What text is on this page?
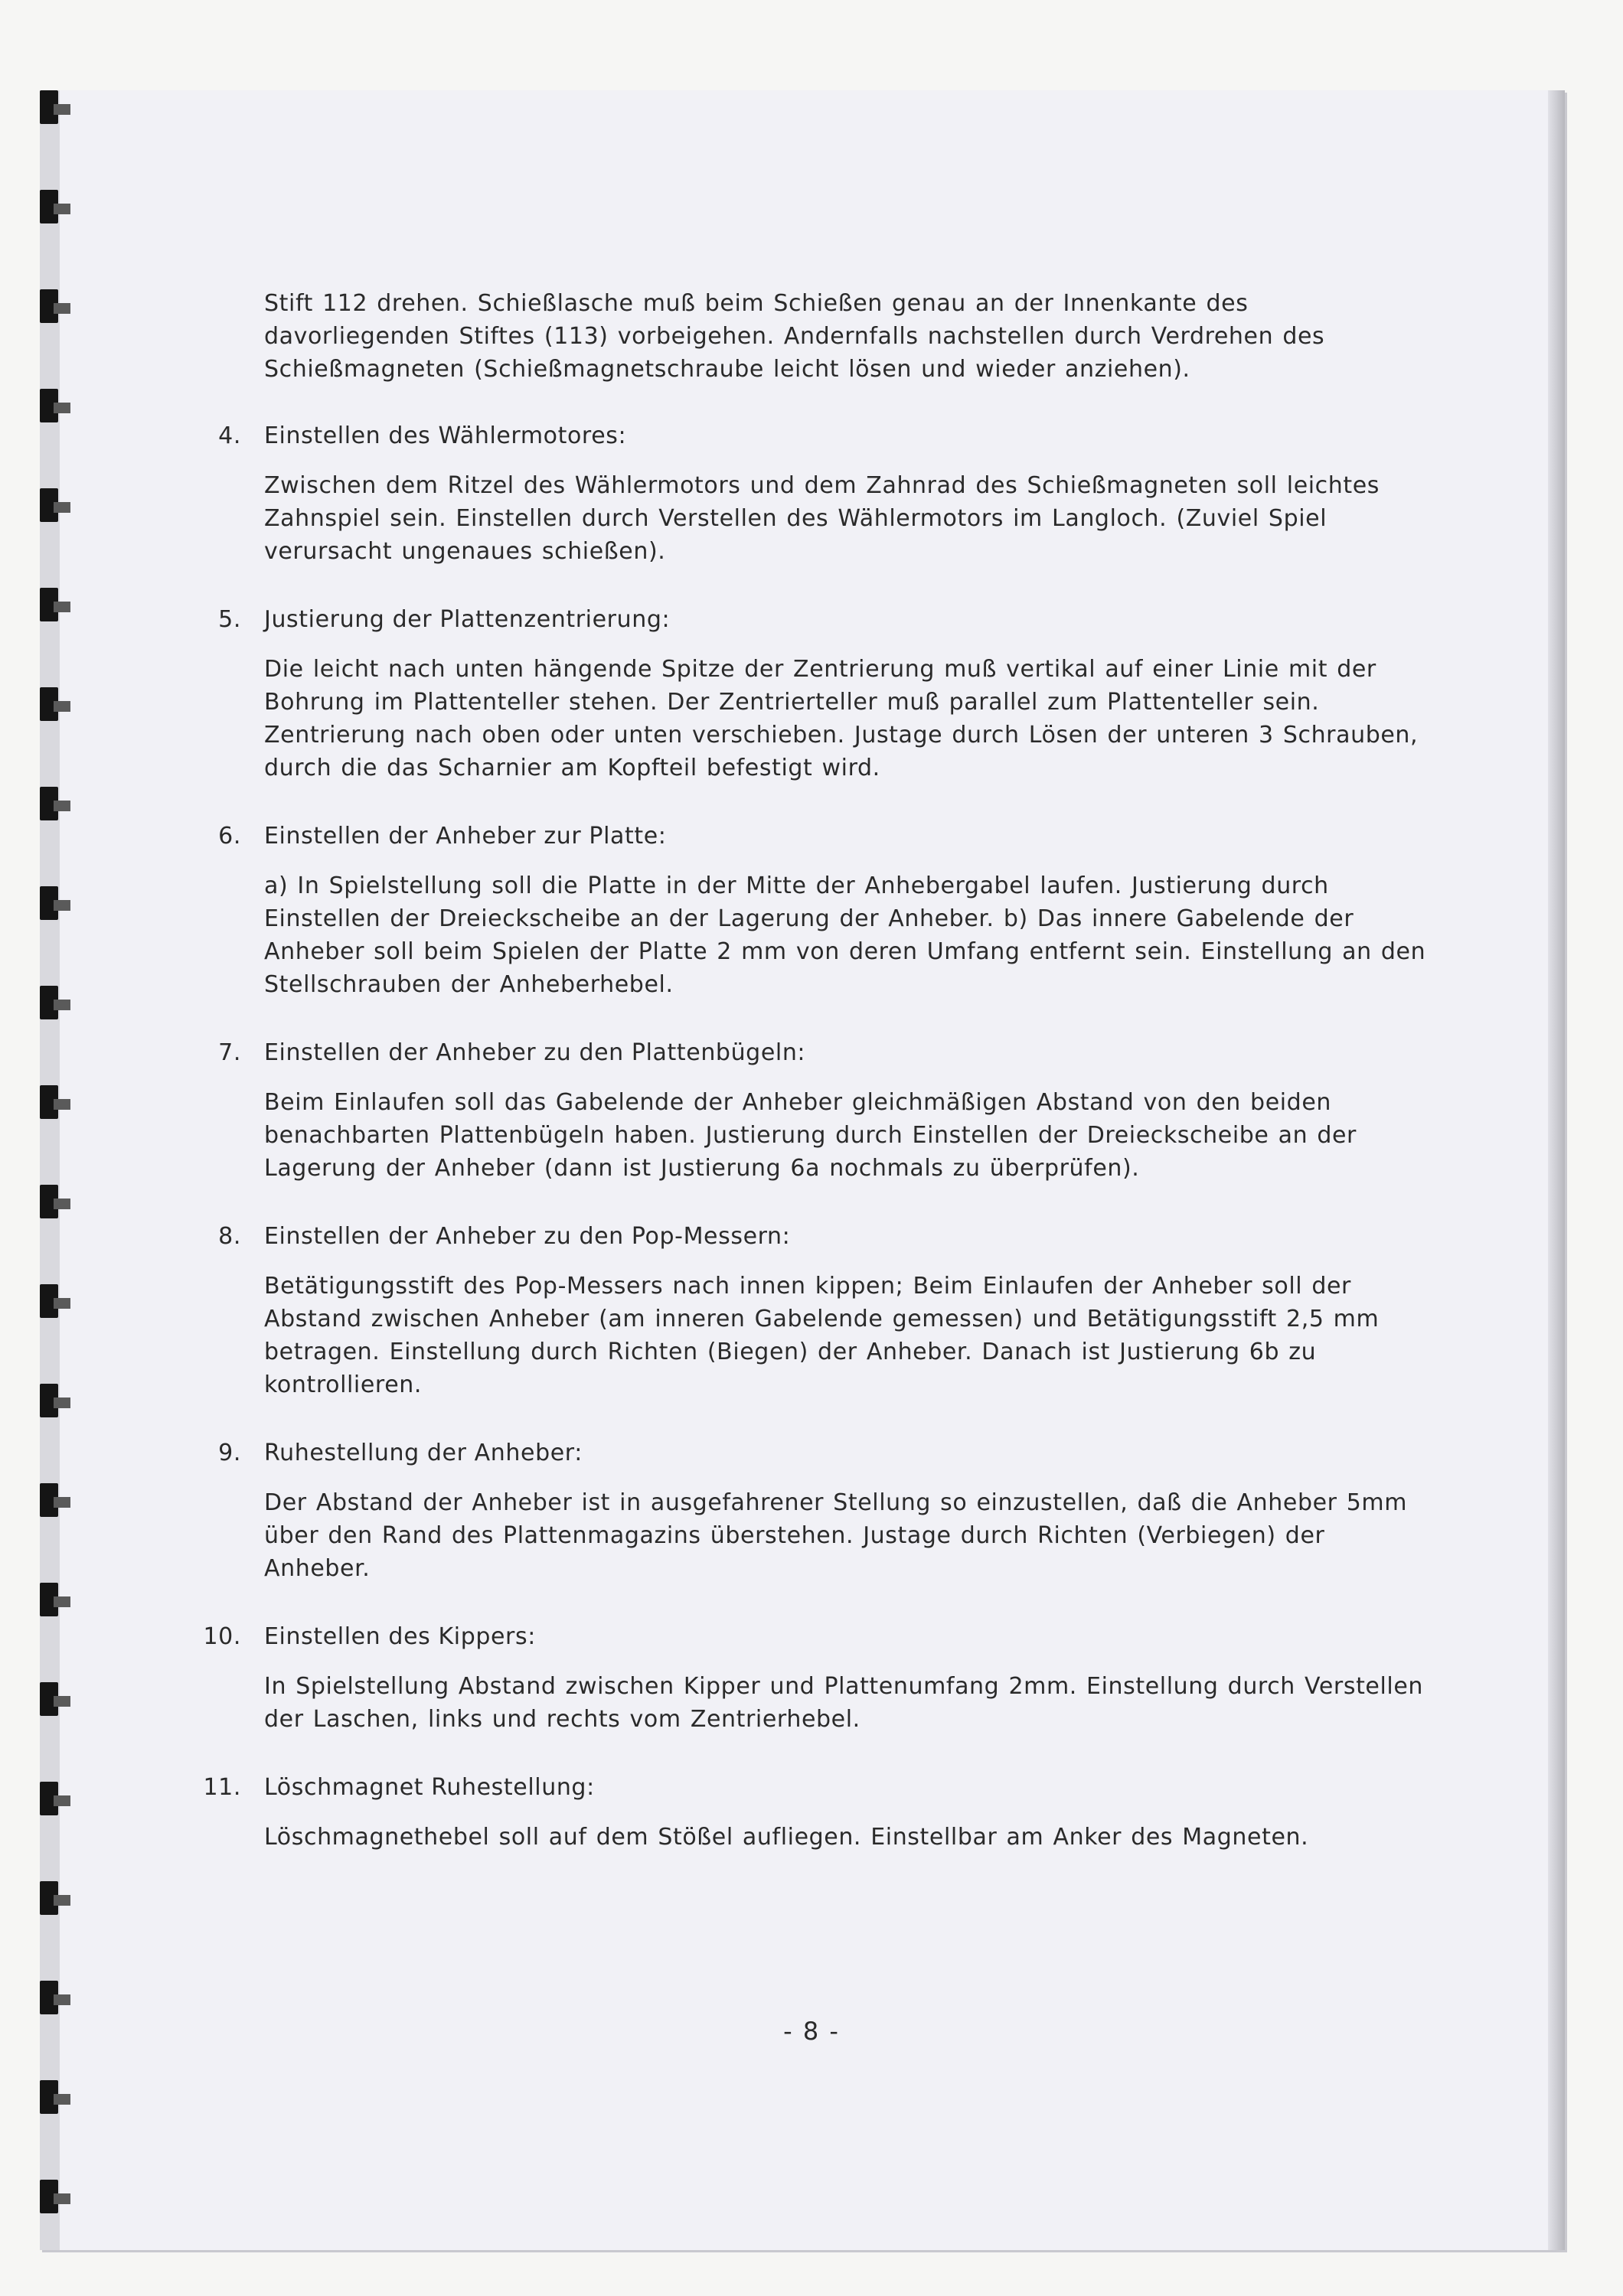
Stift 112 drehen. Schießlasche muß beim Schießen genau an der Innenkante des davorliegenden Stiftes (113) vorbeigehen. Andernfalls nachstellen durch Verdrehen des Schießmagneten (Schießmagnetschraube leicht lösen und wieder anziehen).

4. Einstellen des Wählermotores:

Zwischen dem Ritzel des Wählermotors und dem Zahnrad des Schießmagneten soll leichtes Zahnspiel sein. Einstellen durch Verstellen des Wählermotors im Langloch. (Zuviel Spiel verursacht ungenaues schießen).

5. Justierung der Plattenzentrierung:

Die leicht nach unten hängende Spitze der Zentrierung muß vertikal auf einer Linie mit der Bohrung im Plattenteller stehen. Der Zentrierteller muß parallel zum Plattenteller sein. Zentrierung nach oben oder unten verschieben. Justage durch Lösen der unteren 3 Schrauben, durch die das Scharnier am Kopfteil befestigt wird.

6. Einstellen der Anheber zur Platte:

a) In Spielstellung soll die Platte in der Mitte der Anhebergabel laufen. Justierung durch Einstellen der Dreieckscheibe an der Lagerung der Anheber. b) Das innere Gabelende der Anheber soll beim Spielen der Platte 2 mm von deren Umfang entfernt sein. Einstellung an den Stellschrauben der Anheberhebel.

7. Einstellen der Anheber zu den Plattenbügeln:

Beim Einlaufen soll das Gabelende der Anheber gleichmäßigen Abstand von den beiden benachbarten Plattenbügeln haben. Justierung durch Einstellen der Dreieckscheibe an der Lagerung der Anheber (dann ist Justierung 6a nochmals zu überprüfen).

8. Einstellen der Anheber zu den Pop-Messern:

Betätigungsstift des Pop-Messers nach innen kippen; Beim Einlaufen der Anheber soll der Abstand zwischen Anheber (am inneren Gabelende gemessen) und Betätigungsstift 2,5 mm betragen. Einstellung durch Richten (Biegen) der Anheber. Danach ist Justierung 6b zu kontrollieren.

9. Ruhestellung der Anheber:

Der Abstand der Anheber ist in ausgefahrener Stellung so einzustellen, daß die Anheber 5mm über den Rand des Plattenmagazins überstehen. Justage durch Richten (Verbiegen) der Anheber.

10. Einstellen des Kippers:

In Spielstellung Abstand zwischen Kipper und Plattenumfang 2mm. Einstellung durch Verstellen der Laschen, links und rechts vom Zentrierhebel.

11. Löschmagnet Ruhestellung:

Löschmagnethebel soll auf dem Stößel aufliegen. Einstellbar am Anker des Magneten.

- 8 -
